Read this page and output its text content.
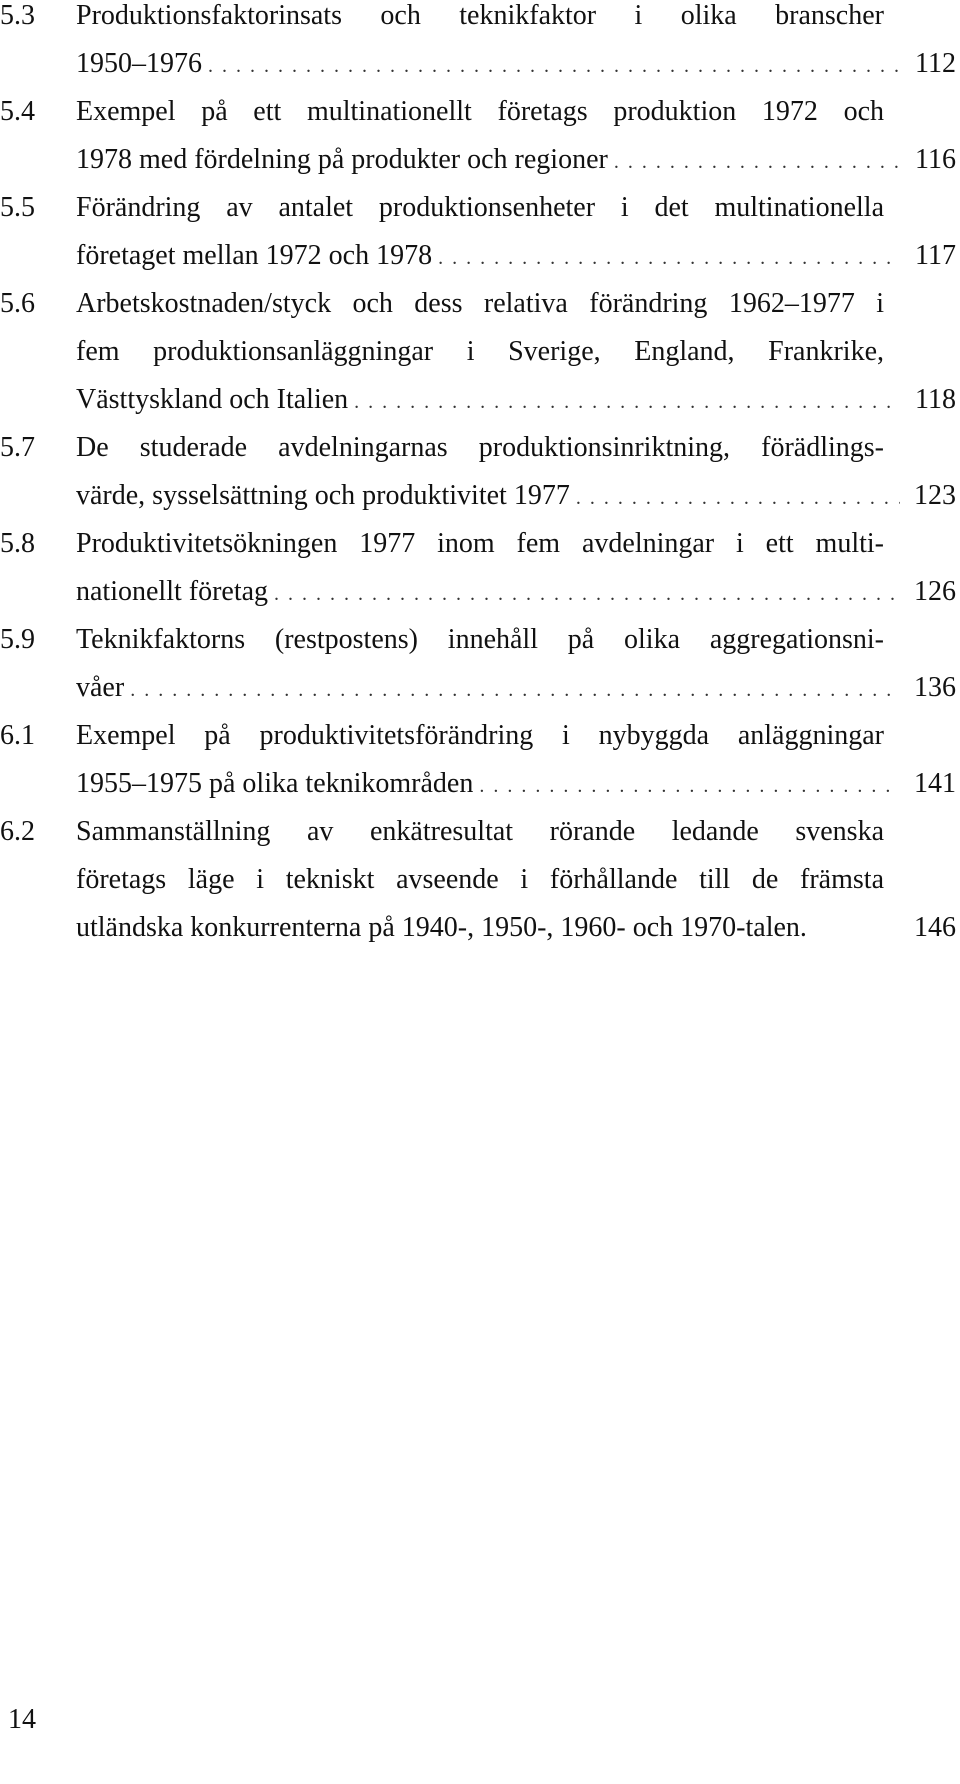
5.3 Produktionsfaktorinsats och teknikfaktor i olika branscher
1950–1976 . . .	112
5.4 Exempel på ett multinationellt företags produktion 1972 och
1978 med fördelning på produkter och regioner . . .	116
5.5 Förändring av antalet produktionsenheter i det multinationella
företaget mellan 1972 och 1978 . . .	117
5.6 Arbetskostnaden/styck och dess relativa förändring 1962–1977 i
fem produktionsanläggningar i Sverige, England, Frankrike,
Västtyskland och Italien . . .	118
5.7 De studerade avdelningarnas produktionsinriktning, förädlings-
värde, sysselsättning och produktivitet 1977 . . .	123
5.8 Produktivitetsökningen 1977 inom fem avdelningar i ett multi-
nationellt företag . . .	126
5.9 Teknikfaktorns (restpostens) innehåll på olika aggregationsni-
våer . . .	136
6.1 Exempel på produktivitetsförändring i nybyggda anläggningar
1955–1975 på olika teknikområden . . .	141
6.2 Sammanställning av enkätresultat rörande ledande svenska
företags läge i tekniskt avseende i förhållande till de främsta
utländska konkurrenterna på 1940-, 1950-, 1960- och 1970-talen.	146
14
